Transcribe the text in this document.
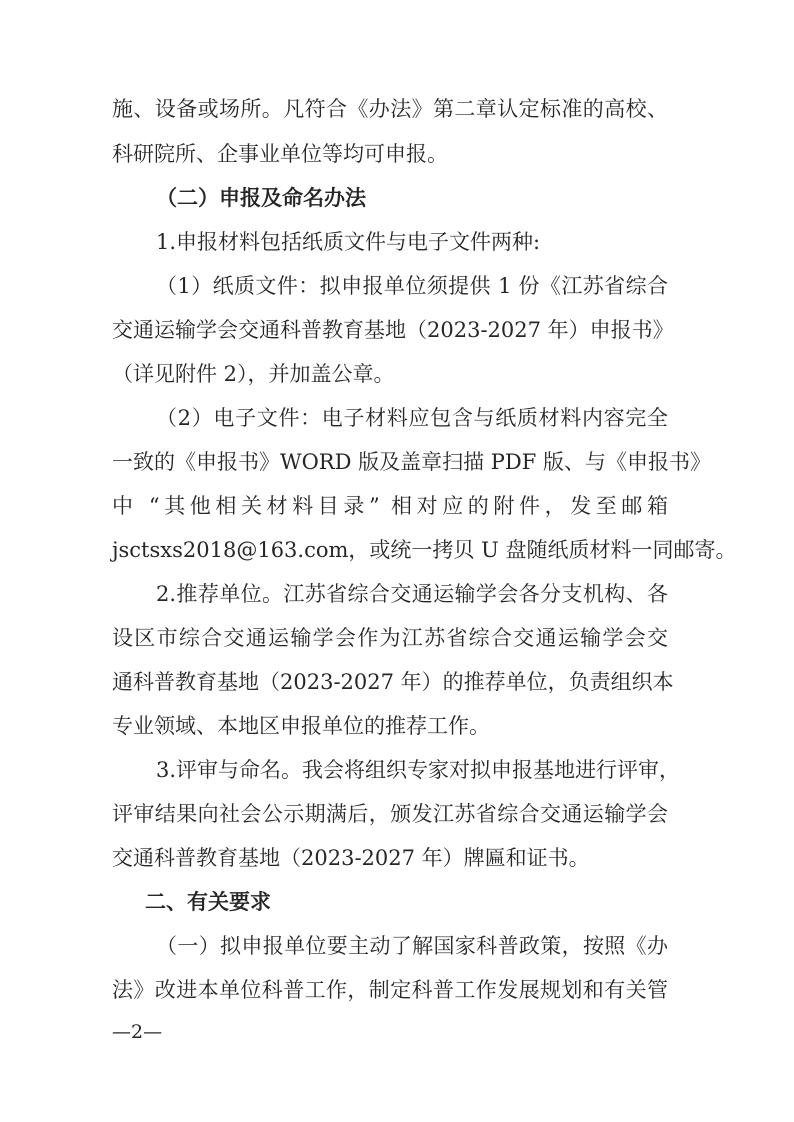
施、设备或场所。凡符合《办法》第二章认定标准的高校、
科研院所、企事业单位等均可申报。
（二）申报及命名办法
1.申报材料包括纸质文件与电子文件两种:
（1）纸质文件：拟申报单位须提供 1 份《江苏省综合
交通运输学会交通科普教育基地（2023-2027 年）申报书》
（详见附件 2），并加盖公章。
（2）电子文件：电子材料应包含与纸质材料内容完全
一致的《申报书》WORD 版及盖章扫描 PDF 版、与《申报书》
中 “其他相关材料目录” 相对应的附件，发至邮箱
jsctsxs2018@163.com，或统一拷贝 U 盘随纸质材料一同邮寄。
2.推荐单位。江苏省综合交通运输学会各分支机构、各
设区市综合交通运输学会作为江苏省综合交通运输学会交
通科普教育基地（2023-2027 年）的推荐单位，负责组织本
专业领域、本地区申报单位的推荐工作。
3.评审与命名。我会将组织专家对拟申报基地进行评审，
评审结果向社会公示期满后，颁发江苏省综合交通运输学会
交通科普教育基地（2023-2027 年）牌匾和证书。
二、有关要求
（一）拟申报单位要主动了解国家科普政策，按照《办
法》改进本单位科普工作，制定科普工作发展规划和有关管
—2—
